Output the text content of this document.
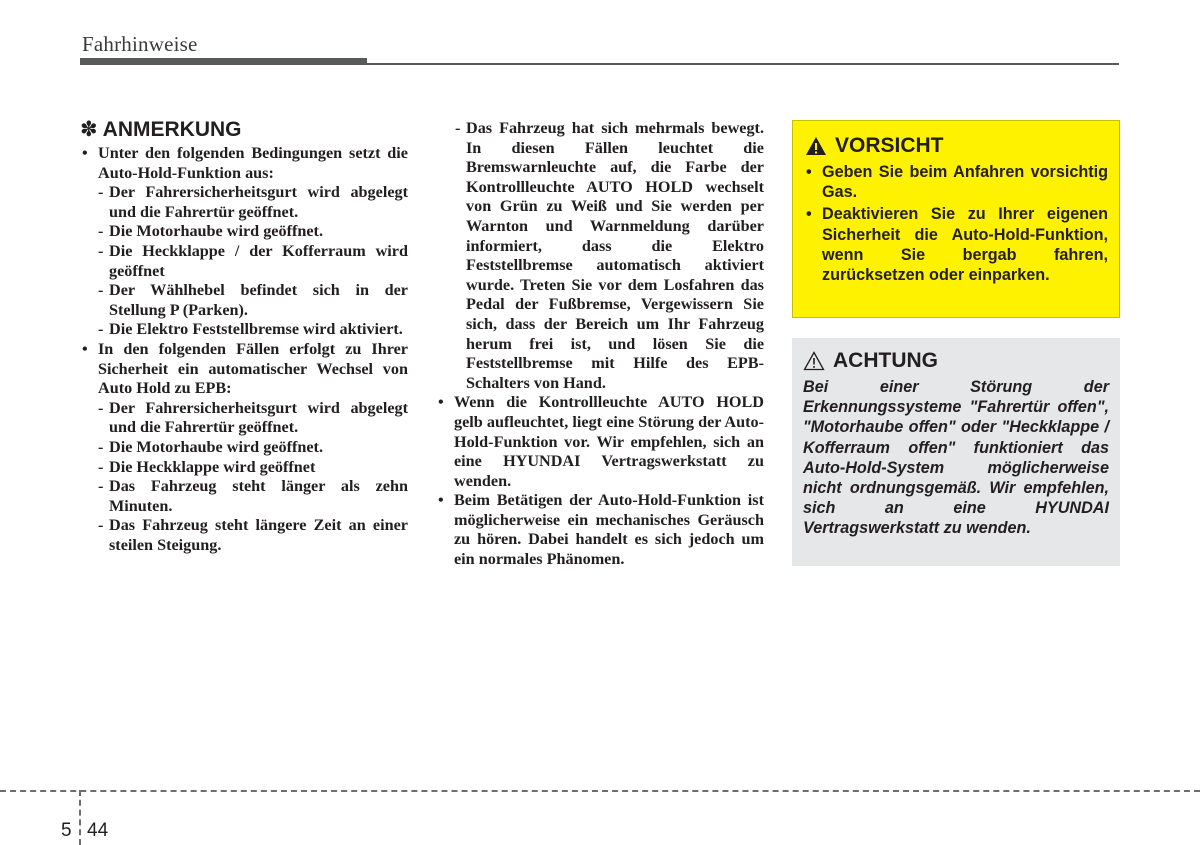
Fahrhinweise
✽ ANMERKUNG
• Unter den folgenden Bedingungen setzt die Auto-Hold-Funktion aus:
- Der Fahrersicherheitsgurt wird abgelegt und die Fahrertür geöffnet.
- Die Motorhaube wird geöffnet.
- Die Heckklappe / der Kofferraum wird geöffnet
- Der Wählhebel befindet sich in der Stellung P (Parken).
- Die Elektro Feststellbremse wird aktiviert.
• In den folgenden Fällen erfolgt zu Ihrer Sicherheit ein automatischer Wechsel von Auto Hold zu EPB:
- Der Fahrersicherheitsgurt wird abgelegt und die Fahrertür geöffnet.
- Die Motorhaube wird geöffnet.
- Die Heckklappe wird geöffnet
- Das Fahrzeug steht länger als zehn Minuten.
- Das Fahrzeug steht längere Zeit an einer steilen Steigung.
- Das Fahrzeug hat sich mehrmals bewegt. In diesen Fällen leuchtet die Bremswarnleuchte auf, die Farbe der Kontrollleuchte AUTO HOLD wechselt von Grün zu Weiß und Sie werden per Warnton und Warnmeldung darüber informiert, dass die Elektro Feststellbremse automatisch aktiviert wurde. Treten Sie vor dem Losfahren das Pedal der Fußbremse, Vergewissern Sie sich, dass der Bereich um Ihr Fahrzeug herum frei ist, und lösen Sie die Feststellbremse mit Hilfe des EPB-Schalters von Hand.
• Wenn die Kontrollleuchte AUTO HOLD gelb aufleuchtet, liegt eine Störung der Auto-Hold-Funktion vor. Wir empfehlen, sich an eine HYUNDAI Vertragswerkstatt zu wenden.
• Beim Betätigen der Auto-Hold-Funktion ist möglicherweise ein mechanisches Geräusch zu hören. Dabei handelt es sich jedoch um ein normales Phänomen.
VORSICHT
• Geben Sie beim Anfahren vorsichtig Gas.
• Deaktivieren Sie zu Ihrer eigenen Sicherheit die Auto-Hold-Funktion, wenn Sie bergab fahren, zurücksetzen oder einparken.
ACHTUNG
Bei einer Störung der Erkennungssysteme "Fahrertür offen", "Motorhaube offen" oder "Heckklappe / Kofferraum offen" funktioniert das Auto-Hold-System möglicherweise nicht ordnungsgemäß. Wir empfehlen, sich an eine HYUNDAI Vertragswerkstatt zu wenden.
5 44
